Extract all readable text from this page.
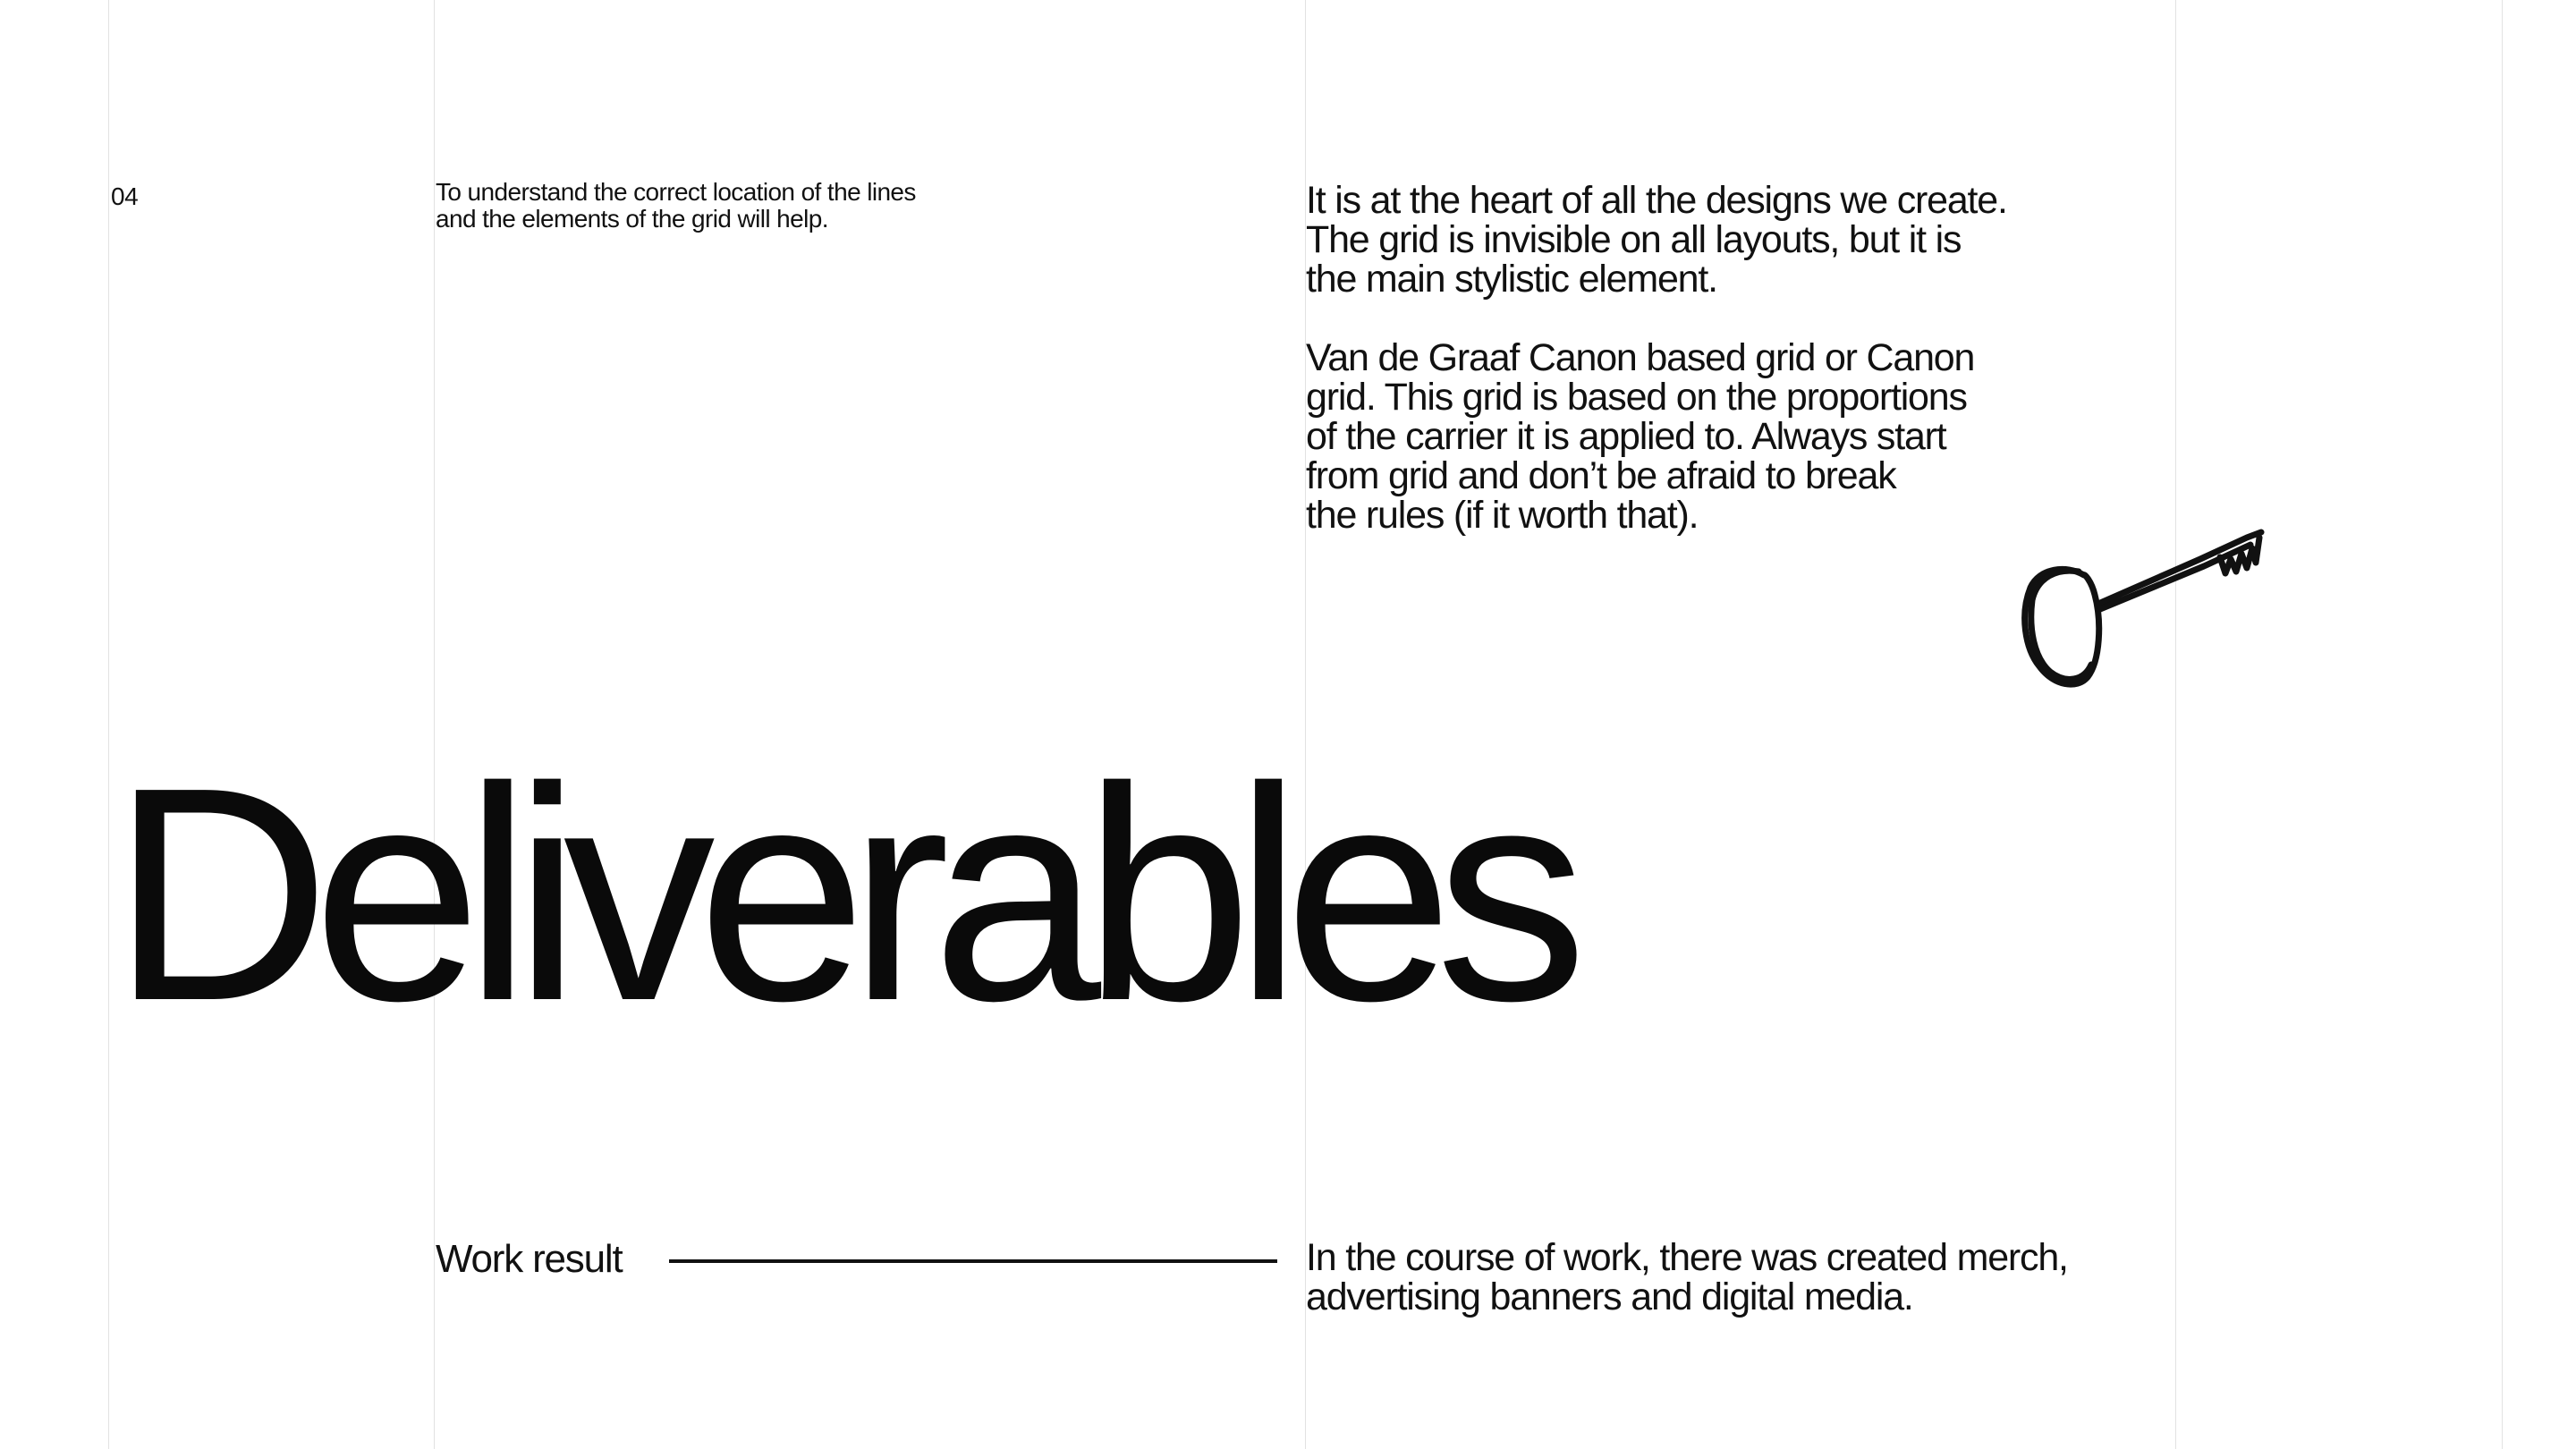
04	To understand the correct location of the lines
and the elements of the grid will help.	It is at the heart of all the designs we create.
The grid is invisible on all layouts, but it is
the main stylistic element.

Van de Graaf Canon based grid or Canon
grid. This grid is based on the proportions
of the carrier it is applied to. Always start
from grid and don’t be afraid to break
the rules (if it worth that).

Deliverables
Work result	In the course of work, there was created merch,
advertising banners and digital media.
